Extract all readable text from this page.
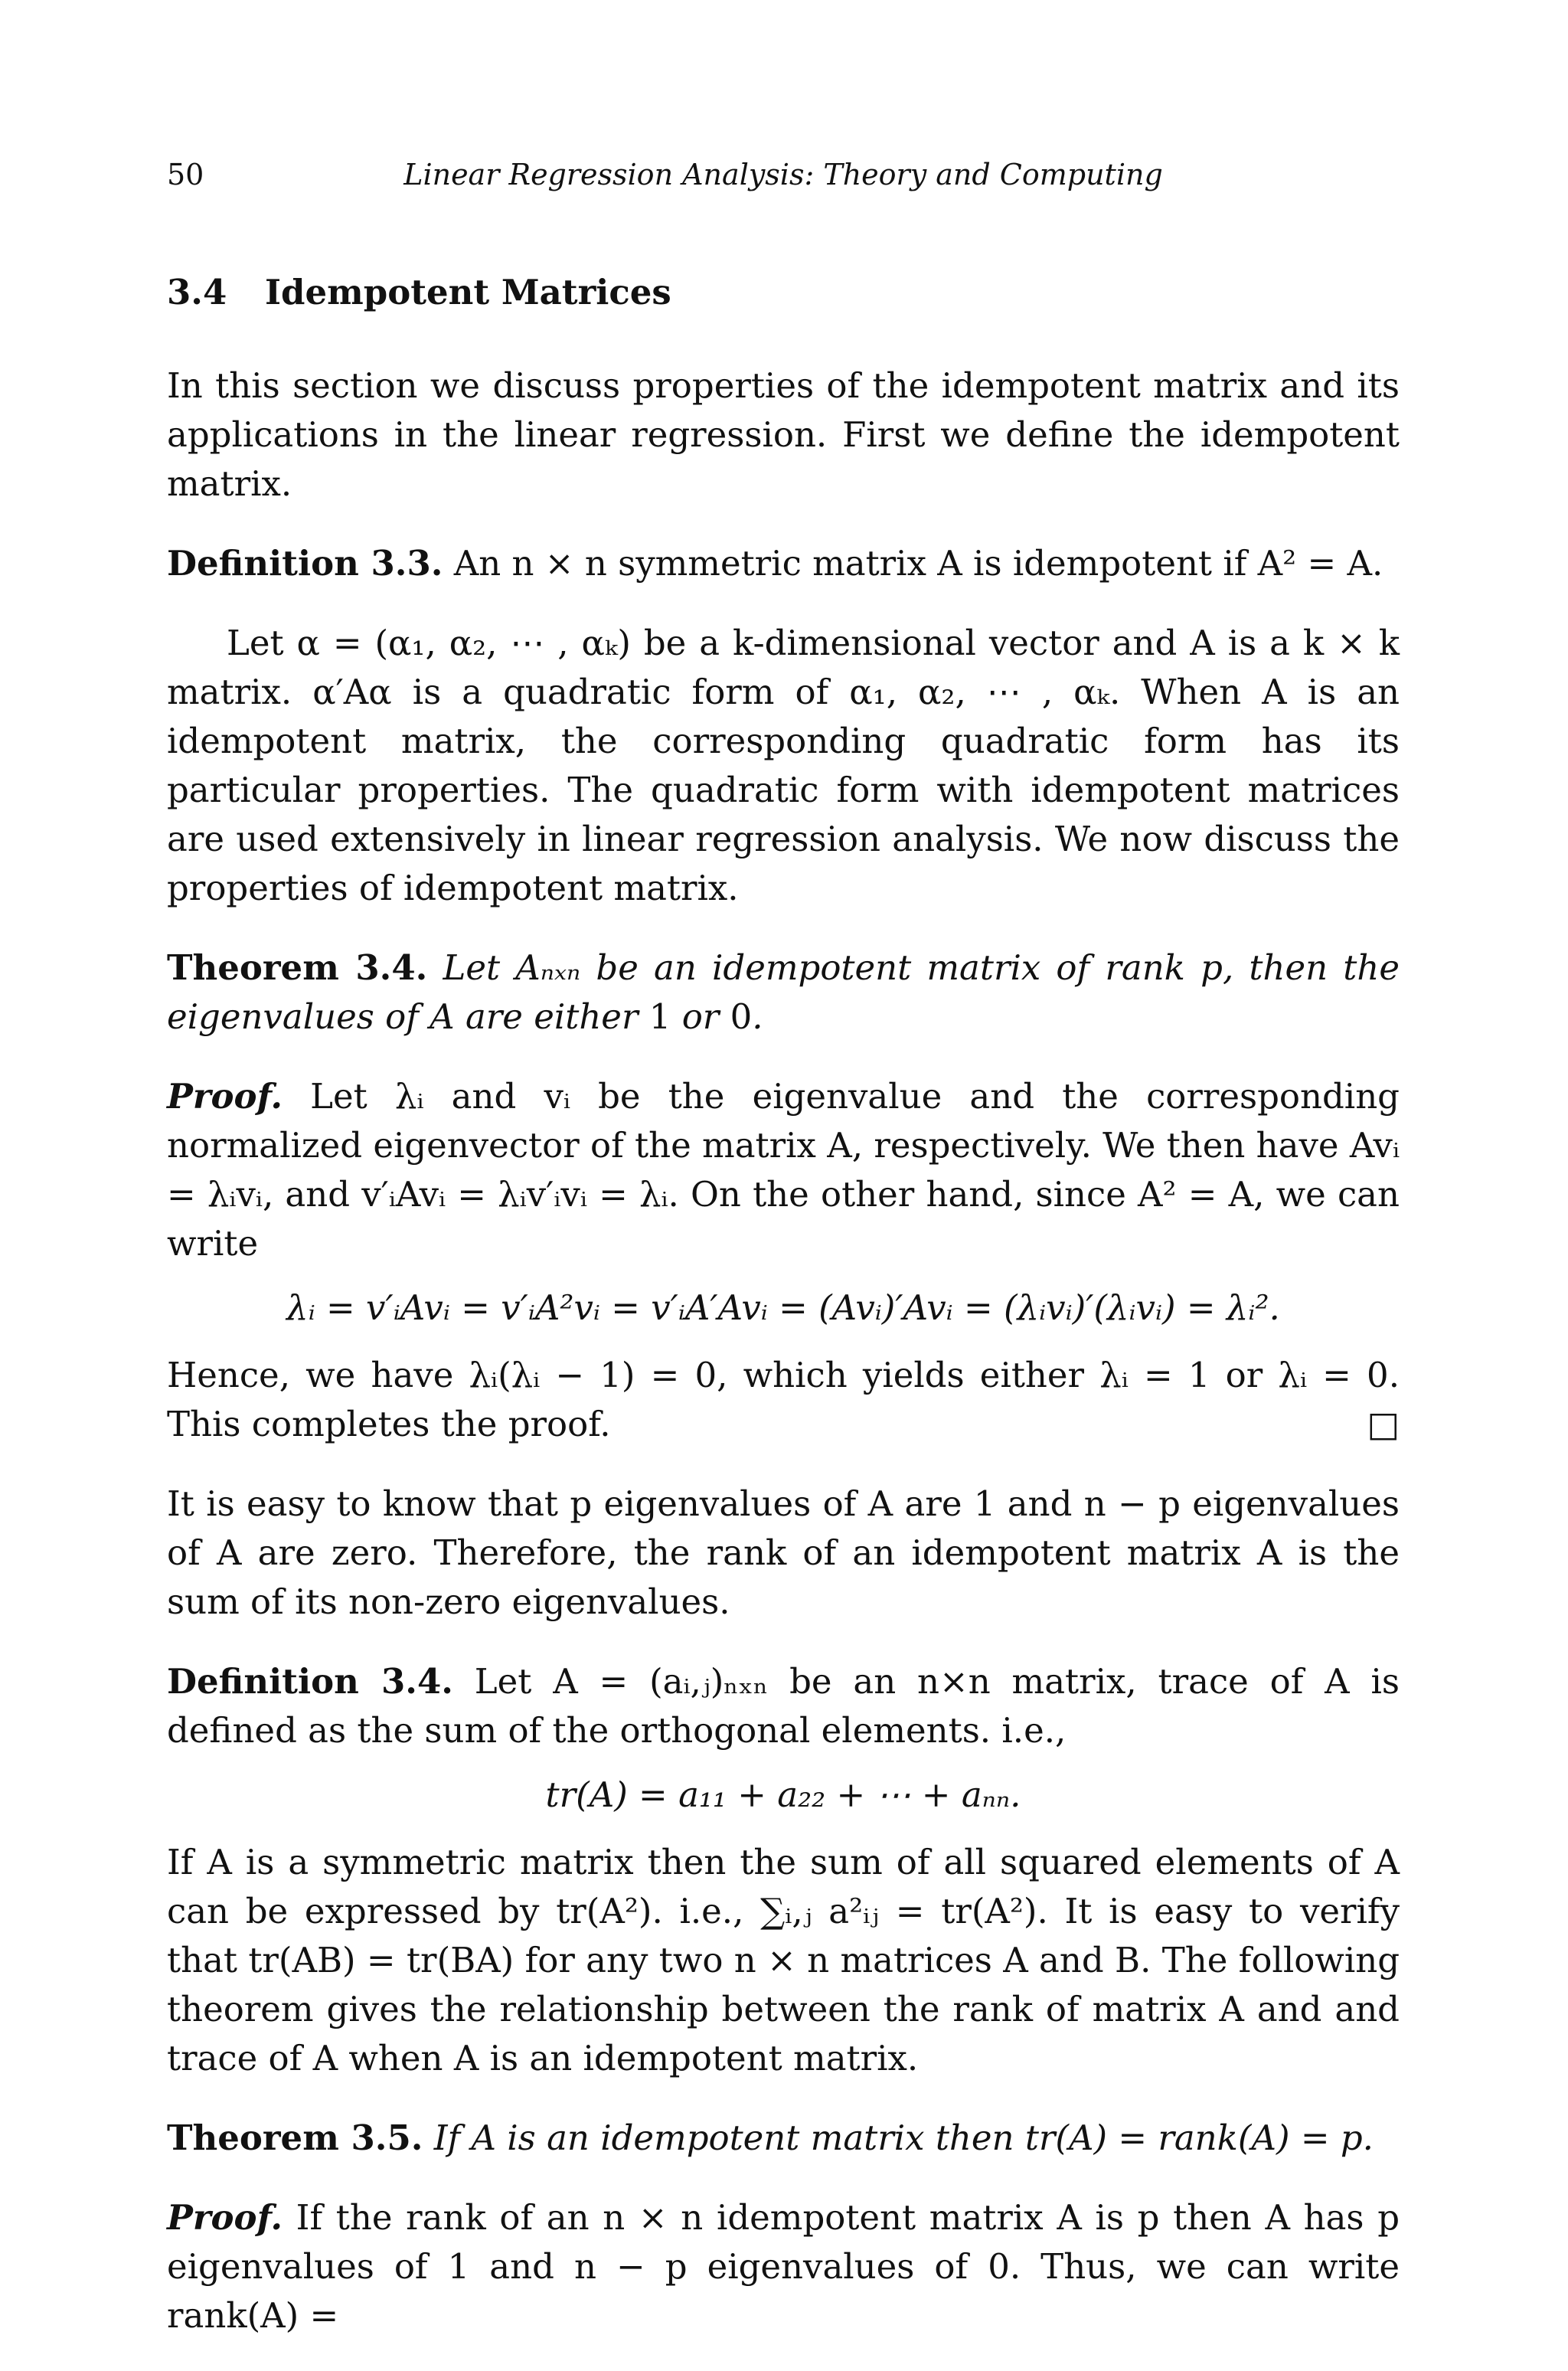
50	Linear Regression Analysis: Theory and Computing
3.4 Idempotent Matrices

In this section we discuss properties of the idempotent matrix and its applications in the linear regression. First we define the idempotent matrix.

Definition 3.3. An n × n symmetric matrix A is idempotent if A² = A.

Let α = (α₁, α₂, ⋯ , αₖ) be a k-dimensional vector and A is a k × k matrix. α′Aα is a quadratic form of α₁, α₂, ⋯ , αₖ. When A is an idempotent matrix, the corresponding quadratic form has its particular properties. The quadratic form with idempotent matrices are used extensively in linear regression analysis. We now discuss the properties of idempotent matrix.

Theorem 3.4. Let Aₙₓₙ be an idempotent matrix of rank p, then the eigenvalues of A are either 1 or 0.

Proof. Let λᵢ and vᵢ be the eigenvalue and the corresponding normalized eigenvector of the matrix A, respectively. We then have Avᵢ = λᵢvᵢ, and v′ᵢAvᵢ = λᵢv′ᵢvᵢ = λᵢ. On the other hand, since A² = A, we can write

λᵢ = v′ᵢAvᵢ = v′ᵢA²vᵢ = v′ᵢA′Avᵢ = (Avᵢ)′Avᵢ = (λᵢvᵢ)′(λᵢvᵢ) = λᵢ².

Hence, we have λᵢ(λᵢ − 1) = 0, which yields either λᵢ = 1 or λᵢ = 0. This completes the proof.	□

It is easy to know that p eigenvalues of A are 1 and n − p eigenvalues of A are zero. Therefore, the rank of an idempotent matrix A is the sum of its non-zero eigenvalues.

Definition 3.4. Let A = (aᵢ,ⱼ)ₙₓₙ be an n×n matrix, trace of A is defined as the sum of the orthogonal elements. i.e.,

tr(A) = a₁₁ + a₂₂ + ⋯ + aₙₙ.

If A is a symmetric matrix then the sum of all squared elements of A can be expressed by tr(A²). i.e., ∑ᵢ,ⱼ a²ᵢⱼ = tr(A²). It is easy to verify that tr(AB) = tr(BA) for any two n × n matrices A and B. The following theorem gives the relationship between the rank of matrix A and and trace of A when A is an idempotent matrix.

Theorem 3.5. If A is an idempotent matrix then tr(A) = rank(A) = p.

Proof. If the rank of an n × n idempotent matrix A is p then A has p eigenvalues of 1 and n − p eigenvalues of 0. Thus, we can write rank(A) =
